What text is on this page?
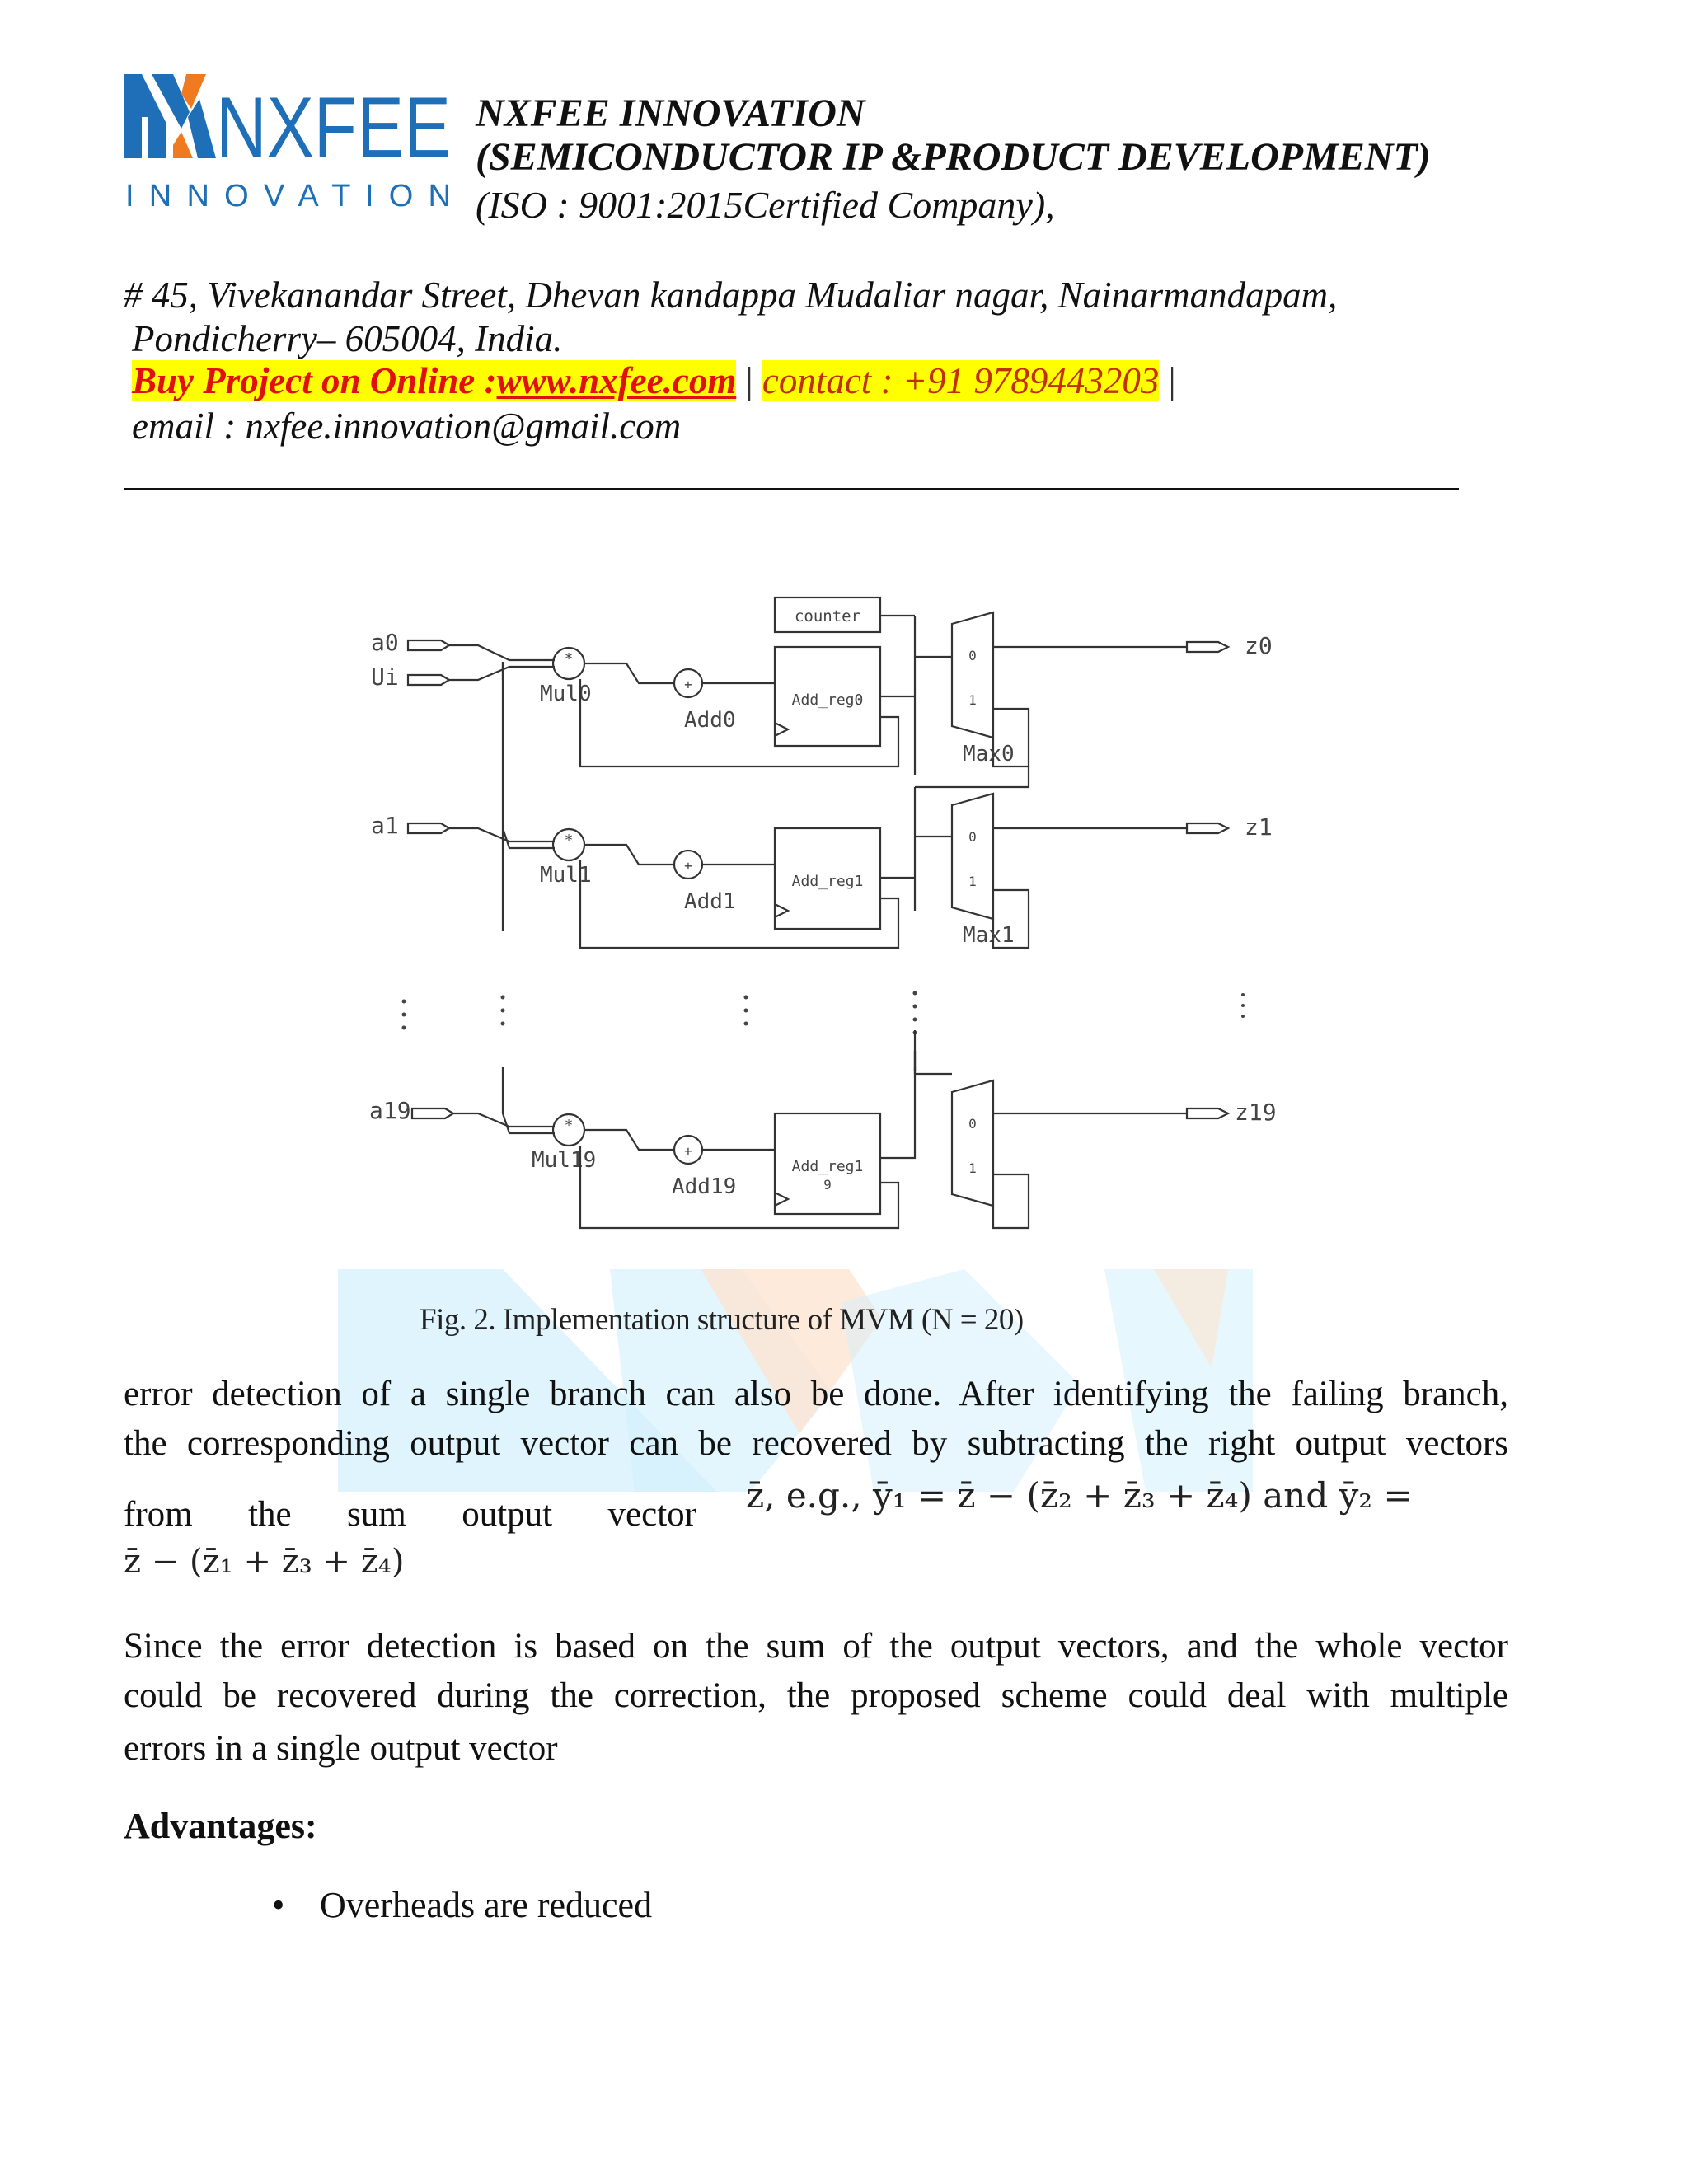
NXFEE
I N N O V A T I O N
NXFEE INNOVATION
(SEMICONDUCTOR IP &PRODUCT DEVELOPMENT)
(ISO : 9001:2015Certified Company),
# 45, Vivekanandar Street, Dhevan kandappa Mudaliar nagar, Nainarmandapam,
Pondicherry– 605004, India.
Buy Project on Online :www.nxfee.com | contact : +91 9789443203 |
email : nxfee.innovation@gmail.com
counter
a0
Ui
*
Mul0	+
Add0
Add_reg0
0
1
z0
Max0
a1
*
Mul1	+
Add1
Add_reg1
0
1
z1
Max1
a19
*
Mul19	+
Add19
Add_reg1
9
0
1
z19
Fig. 2. Implementation structure of MVM (N = 20)
error detection of a single branch can also be done. After identifying the failing branch,
the corresponding output vector can be recovered by subtracting the right output vectors
from the sum output vector z̄, e.g., ȳ₁ = z̄ − (z̄₂ + z̄₃ + z̄₄) and ȳ₂ =
z̄ − (z̄₁ + z̄₃ + z̄₄)
Since the error detection is based on the sum of the output vectors, and the whole vector
could be recovered during the correction, the proposed scheme could deal with multiple
errors in a single output vector
Advantages:
• Overheads are reduced
